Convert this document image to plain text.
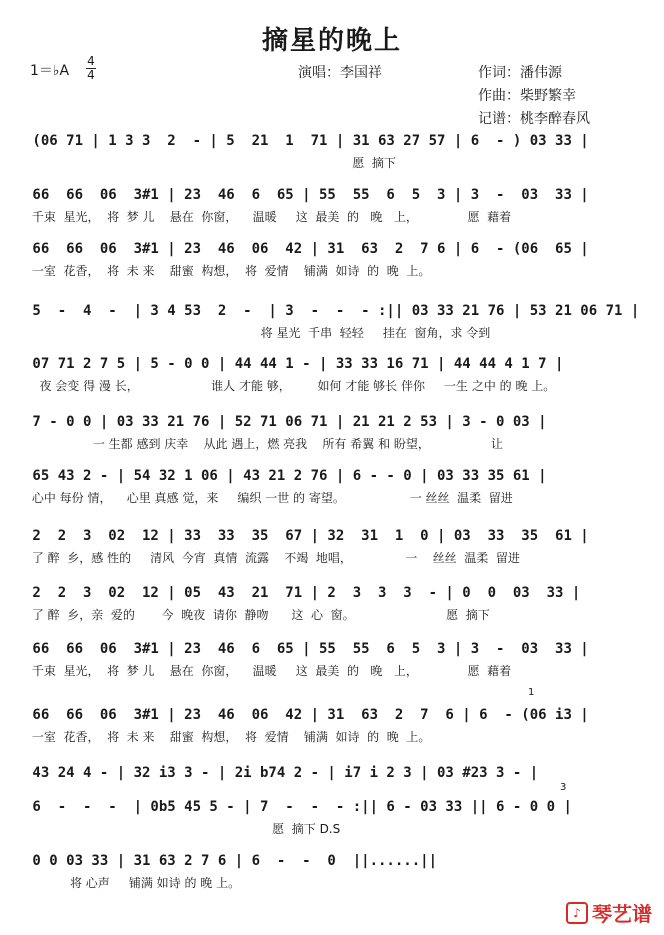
摘星的晚上
1＝♭A
4
4	演唱：李国祥	作词：潘伟源
作曲：柴野繁幸
记谱：桃李醉春风
(06 71 | 1 3 3  2  - | 5  21  1  71 | 31 63 27 57 | 6  - ) 03 33 |
愿  摘下
66  66  06  3#1 | 23  46  6  65 | 55  55  6  5  3 | 3  -  03  33 |
千束  星光，  将  梦 儿    悬在  你窗，    温暖     这  最美  的   晚   上，             愿  藉着
66  66  06  3#1 | 23  46  06  42 | 31  63  2  7 6 | 6  - (06  65 |
一室  花香，  将  未 来    甜蜜  构想，  将  爱情    铺满  如诗  的  晚  上。
5  -  4  -  | 3 4 53  2  -  | 3  -  -  - :|| 03 33 21 76 | 53 21 06 71 |
将 星光  千串  轻轻     挂在  窗角，求 令到
07 71 2 7 5 | 5 - 0 0 | 44 44 1 - | 33 33 16 71 | 44 44 4 1 7 |
夜 会变 得 漫 长，                   谁人 才能 够，       如何 才能 够长 伴你     一生 之中 的 晚 上。
7 - 0 0 | 03 33 21 76 | 52 71 06 71 | 21 21 2 53 | 3 - 0 03 |
一 生都 感到 庆幸    从此 遇上，燃 亮我    所有 希翼 和 盼望，                让
65 43 2 - | 54 32 1 06 | 43 21 2 76 | 6 - - 0 | 03 33 35 61 |
心中 每份 情，    心里 真感 觉，来     编织 一世 的 寄望。                 一 丝丝  温柔  留进
2  2  3  02  12 | 33  33  35  67 | 32  31  1  0 | 03  33  35  61 |
了 醉  乡，感 性的     清风  今宵  真情  流露    不竭  地唱，              一    丝丝  温柔  留进
2  2  3  02  12 | 05  43  21  71 | 2  3  3  3  - | 0  0  03  33 |
了 醉  乡，亲  爱的       今  晚夜  请你  静吻      这  心  窗。                        愿  摘下
66  66  06  3#1 | 23  46  6  65 | 55  55  6  5  3 | 3  -  03  33 |
千束  星光，  将  梦 儿    悬在  你窗，    温暖     这  最美  的   晚   上，             愿  藉着
66  66  06  3#1 | 23  46  06  42 | 31  63  2  7  6 | 6  - (06 i3 |
一室  花香，  将  未 来    甜蜜  构想，  将  爱情    铺满  如诗  的  晚  上。
43 24 4 - | 32 i3 3 - | 2i b74 2 - | i7 i 2 3 | 03 #23 3 - |
6  -  -  -  | 0b5 45 5 - | 7  -  -  - :|| 6 - 03 33 || 6 - 0 0 |
愿  摘下 D.S
0 0 03 33 | 31 63 2 7 6 | 6  -  -  0  ||......||
将 心声     铺满 如诗 的 晚 上。
1
3
♪ 琴艺谱
